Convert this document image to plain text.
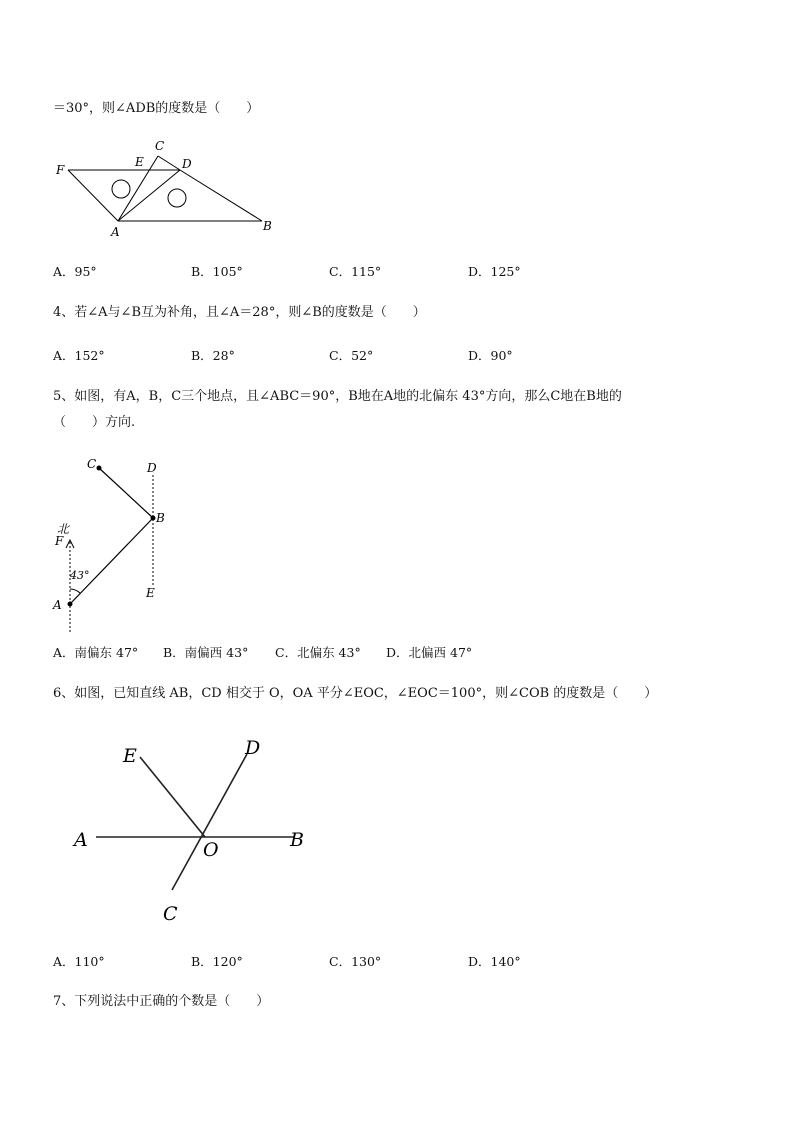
＝30°，则∠ADB的度数是（　　）
C
E	D
F
A	B
A．95°	B．105°	C．115°	D．125°
4、若∠A与∠B互为补角，且∠A＝28°，则∠B的度数是（　　）
A．152°	B．28°	C．52°	D．90°
5、如图，有A，B，C三个地点，且∠ABC＝90°，B地在A地的北偏东 43°方向，那么C地在B地的
（　　）方向.
C	D
B
北
F
43°
E
A
A．南偏东 47° B．南偏西 43° C．北偏东 43° D．北偏西 47°
6、如图，已知直线 AB，CD 相交于 O，OA 平分∠EOC，∠EOC＝100°，则∠COB 的度数是（　　）
E	D
A	O	B
C
A．110°	B．120°	C．130°	D．140°
7、下列说法中正确的个数是（　　）
